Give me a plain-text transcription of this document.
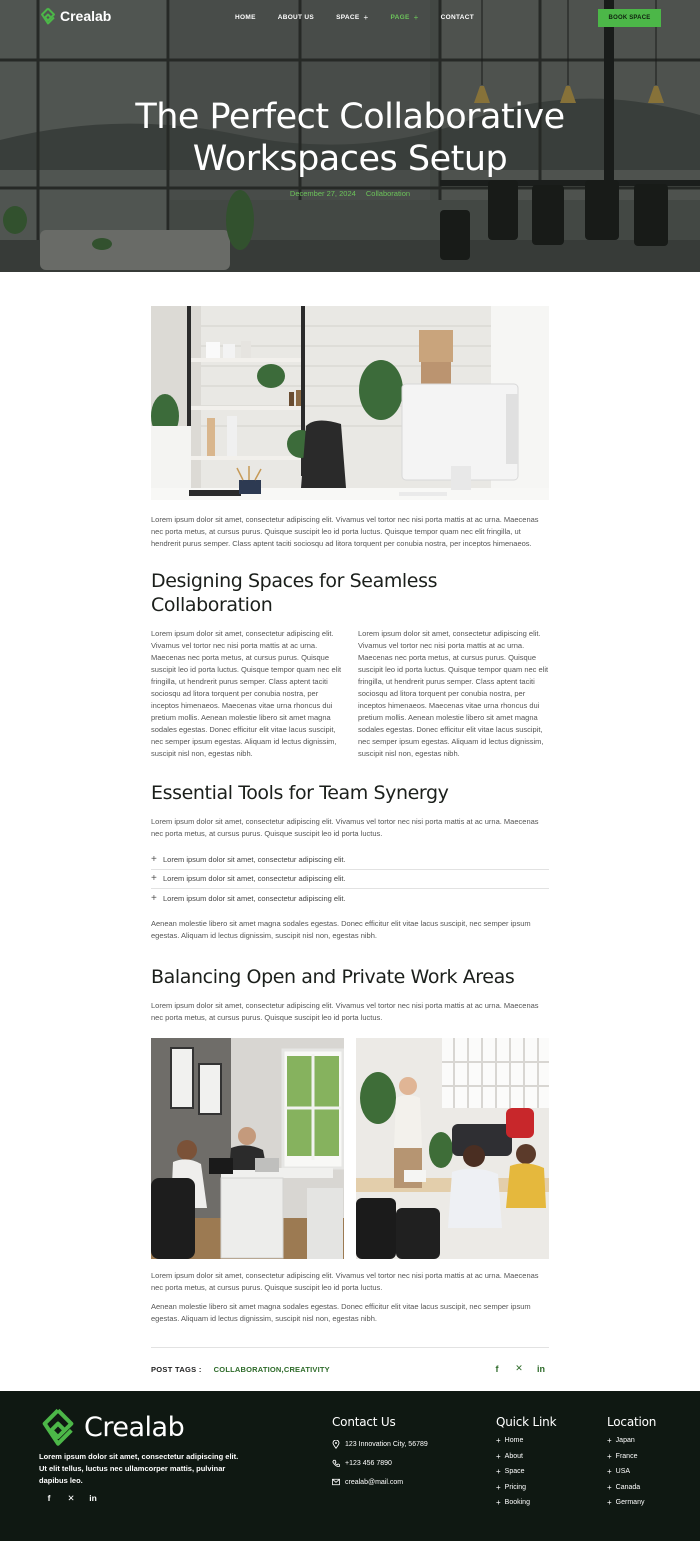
Crealab	HOME	ABOUT US	SPACE +	PAGE +	CONTACT	BOOK SPACE
The Perfect Collaborative
Workspaces Setup
December 27, 2024 Collaboration

Lorem ipsum dolor sit amet, consectetur adipiscing elit. Vivamus vel tortor nec nisi porta mattis at ac urna. Maecenas nec porta metus, at cursus purus. Quisque suscipit leo id porta luctus. Quisque tempor quam nec elit fringilla, ut hendrerit purus semper. Class aptent taciti sociosqu ad litora torquent per conubia nostra, per inceptos himenaeos.

Designing Spaces for Seamless Collaboration

Lorem ipsum dolor sit amet, consectetur adipiscing elit. Vivamus vel tortor nec nisi porta mattis at ac urna. Maecenas nec porta metus, at cursus purus. Quisque suscipit leo id porta luctus. Quisque tempor quam nec elit fringilla, ut hendrerit purus semper. Class aptent taciti sociosqu ad litora torquent per conubia nostra, per inceptos himenaeos. Maecenas vitae urna rhoncus dui pretium mollis. Aenean molestie libero sit amet magna sodales egestas. Donec efficitur elit vitae lacus suscipit, nec semper ipsum egestas. Aliquam id lectus dignissim, suscipit nisl non, egestas nibh.

Lorem ipsum dolor sit amet, consectetur adipiscing elit. Vivamus vel tortor nec nisi porta mattis at ac urna. Maecenas nec porta metus, at cursus purus. Quisque suscipit leo id porta luctus. Quisque tempor quam nec elit fringilla, ut hendrerit purus semper. Class aptent taciti sociosqu ad litora torquent per conubia nostra, per inceptos himenaeos. Maecenas vitae urna rhoncus dui pretium mollis. Aenean molestie libero sit amet magna sodales egestas. Donec efficitur elit vitae lacus suscipit, nec semper ipsum egestas. Aliquam id lectus dignissim, suscipit nisl non, egestas nibh.

Essential Tools for Team Synergy

Lorem ipsum dolor sit amet, consectetur adipiscing elit. Vivamus vel tortor nec nisi porta mattis at ac urna. Maecenas nec porta metus, at cursus purus. Quisque suscipit leo id porta luctus.

+ Lorem ipsum dolor sit amet, consectetur adipiscing elit.
+ Lorem ipsum dolor sit amet, consectetur adipiscing elit.
+ Lorem ipsum dolor sit amet, consectetur adipiscing elit.

Aenean molestie libero sit amet magna sodales egestas. Donec efficitur elit vitae lacus suscipit, nec semper ipsum egestas. Aliquam id lectus dignissim, suscipit nisl non, egestas nibh.

Balancing Open and Private Work Areas

Lorem ipsum dolor sit amet, consectetur adipiscing elit. Vivamus vel tortor nec nisi porta mattis at ac urna. Maecenas nec porta metus, at cursus purus. Quisque suscipit leo id porta luctus.

Lorem ipsum dolor sit amet, consectetur adipiscing elit. Vivamus vel tortor nec nisi porta mattis at ac urna. Maecenas nec porta metus, at cursus purus. Quisque suscipit leo id porta luctus.

Aenean molestie libero sit amet magna sodales egestas. Donec efficitur elit vitae lacus suscipit, nec semper ipsum egestas. Aliquam id lectus dignissim, suscipit nisl non, egestas nibh.

POST TAGS : COLLABORATION,CREATIVITY	f	✕ in
Crealab

Lorem ipsum dolor sit amet, consectetur adipiscing elit. Ut elit tellus, luctus nec ullamcorper mattis, pulvinar dapibus leo.

f	✕ in
Contact Us
123 Innovation City, 56789
+123 456 7890
crealab@mail.com
Quick Link
+ Home
+ About
+ Space
+ Pricing
+ Booking
Location
+ Japan
+ France
+ USA
+ Canada
+ Germany
